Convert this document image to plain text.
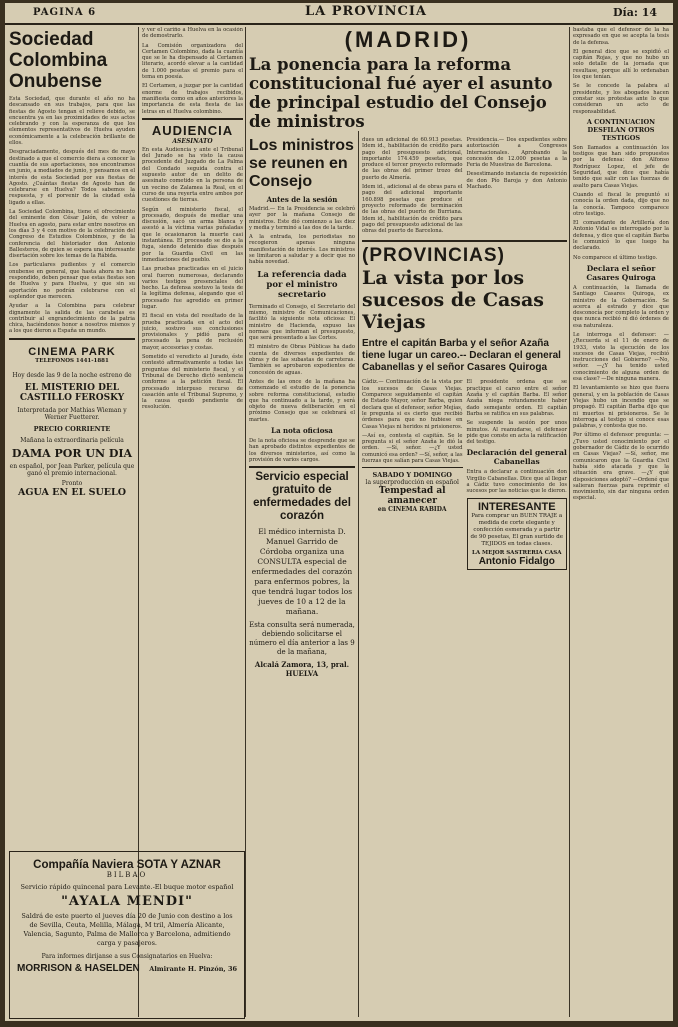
PAGINA 6	LA PROVINCIA	Día: 14
Sociedad Colombina Onubense

Esta Sociedad, que durante el año no ha descansado en sus trabajos, para que las fiestas de Agosto tengan el relieve debido, se encuentra ya en las proximidades de sus actos celebrando y con la esperanza de que los elementos representativos de Huelva ayuden económicamente a la celebración brillante de ellos.

Desgraciadamente, después del mes de mayo destinado a que el comercio diera a conocer la cuantía de sus aportaciones, nos encontramos en junio, a mediados de junio, y pensamos en el interés de esta Sociedad por sus fiestas de Agosto. ¿Cuántas fiestas de Agosto han de celebrarse en Huelva? Todos sabemos la respuesta, y el porvenir de la ciudad está ligado a ellas.

La Sociedad Colombina, tiene el ofrecimiento del eminente don César Jalón, de volver a Huelva en agosto, para estar entre nosotros en los días 3 y 4 con motivo de la celebración del Congreso de Estudios Colombinos, y de la conferencia del historiador don Antonio Ballesteros, de quien se espera una interesante disertación sobre los temas de la Rábida.

Los particulares pudientes y el comercio onubense en general, que hasta ahora no han respondido, deben pensar que estas fiestas son de Huelva y para Huelva, y que sin su aportación no podrán celebrarse con el esplendor que merecen.

Ayudar a la Colombina para celebrar dignamente la salida de las carabelas es contribuir al engrandecimiento de la patria chica, haciéndonos honor a nosotros mismos y a los que dieron a España un mundo.

CINEMA PARK
TELEFONOS 1441-1881
Hoy desde las 9 de la noche estreno de
EL MISTERIO DEL CASTILLO FEROSKY
Interpretada por Mathias Wieman y Werner Fuetterer.
PRECIO CORRIENTE
Mañana la extraordinaria película
DAMA POR UN DIA
en español, por Jean Parker, película que ganó el premio internacional.
Pronto
AGUA EN EL SUELO

y ver el cariño a Huelva en la ocasión de demostrarlo.

La Comisión organizadora del Certamen Colombino, dada la cuantía que se le ha dispensado al Certamen literario, acordó elevar a la cantidad de 1.000 pesetas el premio para el tema en poesía.

El Certamen, a juzgar por la cantidad enorme de trabajos recibidos, manifiesta como en años anteriores la importancia de esta fiesta de las letras en el Huelva colombino.

AUDIENCIA
ASESINATO

En esta Audiencia y ante el Tribunal del Jurado se ha visto la causa procedente del Juzgado de La Palma del Condado seguida contra el supuesto autor de un delito de asesinato cometido en la persona de un vecino de Zalamea la Real, en el curso de una reyerta entre ambos por cuestiones de tierras.

Según el ministerio fiscal, el procesado, después de mediar una discusión, sacó un arma blanca y asestó a la víctima varias puñaladas que le ocasionaron la muerte casi instantánea. El procesado se dio a la fuga, siendo detenido días después por la Guardia Civil en las inmediaciones del pueblo.

Las pruebas practicadas en el juicio oral fueron numerosas, declarando varios testigos presenciales del hecho. La defensa sostuvo la tesis de la legítima defensa, alegando que el procesado fue agredido en primer lugar.

El fiscal en vista del resultado de la prueba practicada en el acto del juicio, sostuvo sus conclusiones provisionales y pidió para el procesado la pena de reclusión mayor, accesorias y costas.

Sometido el veredicto al Jurado, éste contestó afirmativamente a todas las preguntas del ministerio fiscal, y el Tribunal de Derecho dictó sentencia conforme a la petición fiscal. El procesado interpuso recurso de casación ante el Tribunal Supremo, y la causa quedó pendiente de resolución.

Compañía Naviera SOTA Y AZNAR
BILBAO
Servicio rápido quincenal para Levante.-El buque motor español
"AYALA MENDI"
Saldrá de este puerto el jueves día 20 de Junio con destino a los de Sevilla, Ceuta, Melilla, Málaga, M tril, Almería Alicante, Valencia, Sagunto, Palma de Mallorca y Barcelona, admitiendo carga y pasajeros.
Para informes dirijanse a sus Consignatarios en Huelva:
MORRISON & HASELDEN Almirante H. Pinzón, 36
(MADRID)
La ponencia para la reforma constitucional fué ayer el asunto de principal estudio del Consejo de ministros
Los ministros se reunen en Consejo
Antes de la sesión

Madrid.— En la Presidencia se celebró ayer por la mañana Consejo de ministros. Este dió comienzo a las diez y media y terminó a las dos de la tarde.

A la entrada, los periodistas no recogieron apenas ninguna manifestación de interés. Los ministros se limitaron a saludar y a decir que no había novedad.

La referencia dada por el ministro secretario

Terminado el Consejo, el Secretario del mismo, ministro de Comunicaciones, facilitó la siguiente nota oficiosa: El ministro de Hacienda, expuso las normas que informan el presupuesto, que será presentado a las Cortes.

El ministro de Obras Públicas ha dado cuenta de diversos expedientes de obras y de las subastas de carreteras. También se aprobaron expedientes de concesión de aguas.

Antes de las once de la mañana ha comenzado el estudio de la ponencia sobre reforma constitucional, estudio que ha continuado a la tarde, y será objeto de nueva deliberación en el próximo Consejo que se celebrará el martes.

La nota oficiosa

De la nota oficiosa se desprende que se han aprobado distintos expedientes de los diversos ministerios, así como la provisión de varios cargos.

Servicio especial gratuito de enfermedades del corazón
El médico internista D. Manuel Garrido de Córdoba organiza una CONSULTA especial de enfermedades del corazón para enfermos pobres, la que tendrá lugar todos los jueves de 10 a 12 de la mañana.
Esta consulta será numerada, debiendo solicitarse el número el día anterior a las 9 de la mañana,
Alcalá Zamora, 13, pral.
HUELVA

dues un adicional de 60.913 pesetas. Idem id., habilitación de crédito para pago del presupuesto adicional, importante 174.459 pesetas, que produce el tercer proyecto reformado de las obras del primer trozo del puerto de Almería.

Idem id., adicional al de obras para el pago del adicional importante 160.898 pesetas que produce el proyecto reformado de terminación de las obras del puerto de Burriana. Idem id., habilitación de crédito para pago del presupuesto adicional de las obras del puerto de Barcelona.

Presidencia.— Dos expedientes sobre autorización a Congresos Internacionales. Aprobando la concesión de 12.000 pesetas a la Feria de Muestras de Barcelona.

Desestimando instancia de reposición de don Pío Baroja y don Antonio Machado.

(PROVINCIAS)
La vista por los sucesos de Casas Viejas
Entre el capitán Barba y el señor Azaña tiene lugar un careo.-- Declaran el general Cabanellas y el señor Casares Quiroga

Cádiz.— Continuación de la vista por los sucesos de Casas Viejas. Comparece seguidamente el capitán de Estado Mayor, señor Barba, quien declara que el defensor, señor Mejías, le pregunta si es cierto que recibió órdenes para que no hubiese en Casas Viejas ni heridos ni prisioneros.

—Así es, contesta el capitán. Se le pregunta si el señor Azaña le dió la orden. —Sí, señor. —¿Y usted comunicó esa orden? —Sí, señor, a las fuerzas que salían para Casas Viejas.

SABADO Y DOMINGO
la superproducción en español
Tempestad al amanecer
en CINEMA RABIDA

El presidente ordena que se practique el careo entre el señor Azaña y el capitán Barba. El señor Azaña niega rotundamente haber dado semejante orden. El capitán Barba se ratifica en sus palabras.

Se suspende la sesión por unos minutos. Al reanudarse, el defensor pide que conste en acta la ratificación del testigo.

Declaración del general Cabanellas

Entra a declarar a continuación don Virgilio Cabanellas. Dice que al llegar a Cádiz tuvo conocimiento de los sucesos por las noticias que le dieron.

INTERESANTE
Para comprar un BUEN TRAJE a medida de corte elegante y confección esmerada y a partir de 90 pesetas, El gran surtido de TEJIDOS en todas clases.
LA MEJOR SASTRERIA CASA
Antonio Fidalgo

bastaba que el defensor de la ha expresado en que se acepta la tesis de la defensa.

El general dice que se expidió el capitán Rojas, y que no hubo un solo detalle de la jornada que resultase, porque allí lo ordenaban los que tenían.

Se le concede la palabra al presidente, y los abogados hacen constar sus protestas ante lo que consideran un acto de responsabilidad.

A CONTINUACION DESFILAN OTROS TESTIGOS

Son llamados a continuación los testigos que han sido propuestos por la defensa: don Alfonso Rodríguez Lopez, el jefe de Seguridad, que dice que había tenido que salir con las fuerzas de asalto para Casas Viejas.

Cuando el fiscal le preguntó si conocía la orden dada, dijo que no la conocía. Tampoco comparece otro testigo.

El comandante de Artillería don Antonio Vidal es interrogado por la defensa, y dice que el capitán Barba le comunicó lo que luego ha declarado.

No comparece el último testigo.

Declara el señor Casares Quiroga

A continuación, la llamada de Santiago Casares Quiroga, ex ministro de la Gobernación. Se acerca al estrado y dice que desconocía por completo la orden y que nunca recibió ni dió órdenes de esa naturaleza.

Le interroga el defensor: —¿Recuerda si el 11 de enero de 1933, visto la ejecución de los sucesos de Casas Viejas, recibió instrucciones del Gobierno? —No, señor. —¿Y ha tenido usted conocimiento de alguna orden de esa clase? —De ninguna manera.

El levantamiento se hizo que fuera general, y en la población de Casas Viejas hubo un incendio que se propagó. El capitán Barba dijo que ni muertos ni prisioneros. Se le interroga al testigo si conoce esas palabras, y contesta que no.

Por último el defensor pregunta: —¿Tuvo usted conocimiento por el gobernador de Cádiz de lo ocurrido en Casas Viejas? —Sí, señor, me comunicaron que la Guardia Civil había sido atacada y que la situación era grave. —¿Y qué disposiciones adoptó? —Ordené que salieran fuerzas para reprimir el movimiento, sin dar ninguna orden especial.
